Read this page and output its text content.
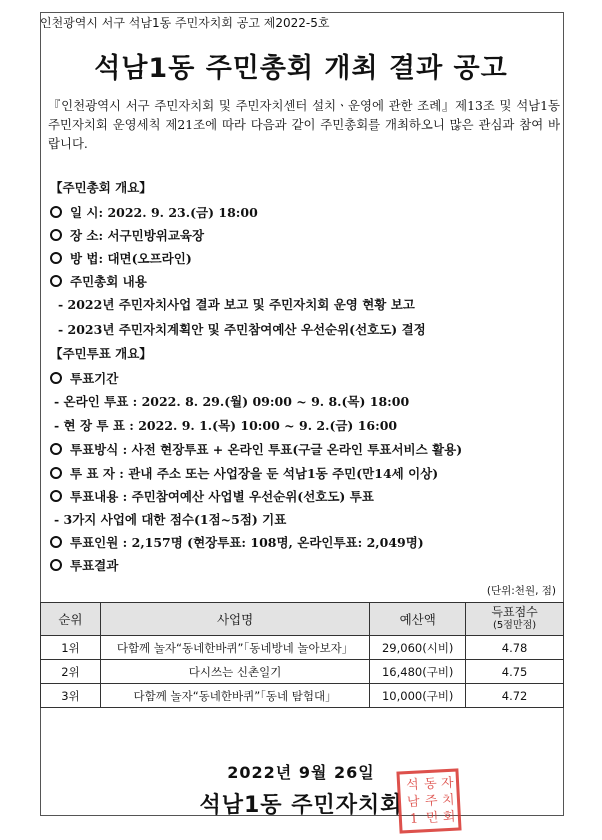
인천광역시 서구 석남1동 주민자치회 공고 제2022-5호
석남1동 주민총회 개최 결과 공고
『인천광역시 서구 주민자치회 및 주민자치센터 설치ㆍ운영에 관한 조례』제13조 및 석남1동 주민자치회 운영세칙 제21조에 따라 다음과 같이 주민총회를 개최하오니 많은 관심과 참여 바랍니다.
【주민총회 개요】
일 시: 2022. 9. 23.(금) 18:00
장 소: 서구민방위교육장
방 법: 대면(오프라인)
주민총회 내용
- 2022년 주민자치사업 결과 보고 및 주민자치회 운영 현황 보고
- 2023년 주민자치계획안 및 주민참여예산 우선순위(선호도) 결정
【주민투표 개요】
투표기간
- 온라인 투표 : 2022. 8. 29.(월) 09:00 ~ 9. 8.(목) 18:00
- 현 장 투 표 : 2022. 9. 1.(목) 10:00 ~ 9. 2.(금) 16:00
투표방식 : 사전 현장투표 + 온라인 투표(구글 온라인 투표서비스 활용)
투 표 자 : 관내 주소 또는 사업장을 둔 석남1동 주민(만14세 이상)
투표내용 : 주민참여예산 사업별 우선순위(선호도) 투표
- 3가지 사업에 대한 점수(1점~5점) 기표
투표인원 : 2,157명 (현장투표: 108명, 온라인투표: 2,049명)
투표결과
(단위:천원, 점)
순위	사업명	예산액	득표점수
(5점만점)

1위	다함께 놀자“동네한바퀴”「동네방네 놀아보자」	29,060(시비)	4.78
2위	다시쓰는 신촌일기	16,480(구비)	4.75
3위	다함께 놀자“동네한바퀴”「동네 탐험대」	10,000(구비)	4.72
2022년 9월 26일
석남1동 주민자치회
석
남
1
동
주
민
자
치
회
